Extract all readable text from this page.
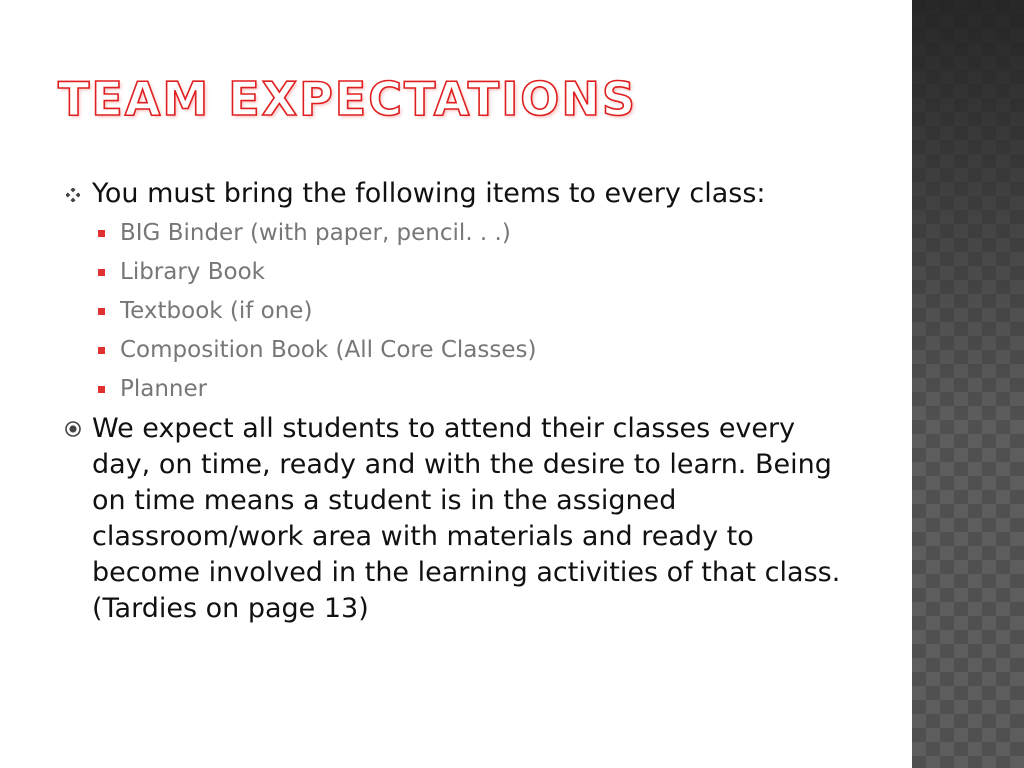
TEAM EXPECTATIONS
You must bring the following items to every class:
BIG Binder (with paper, pencil. . .)
Library Book
Textbook (if one)
Composition Book (All Core Classes)
Planner
We expect all students to attend their classes every day, on time, ready and with the desire to learn. Being on time means a student is in the assigned classroom/work area with materials and ready to become involved in the learning activities of that class. (Tardies on page 13)
